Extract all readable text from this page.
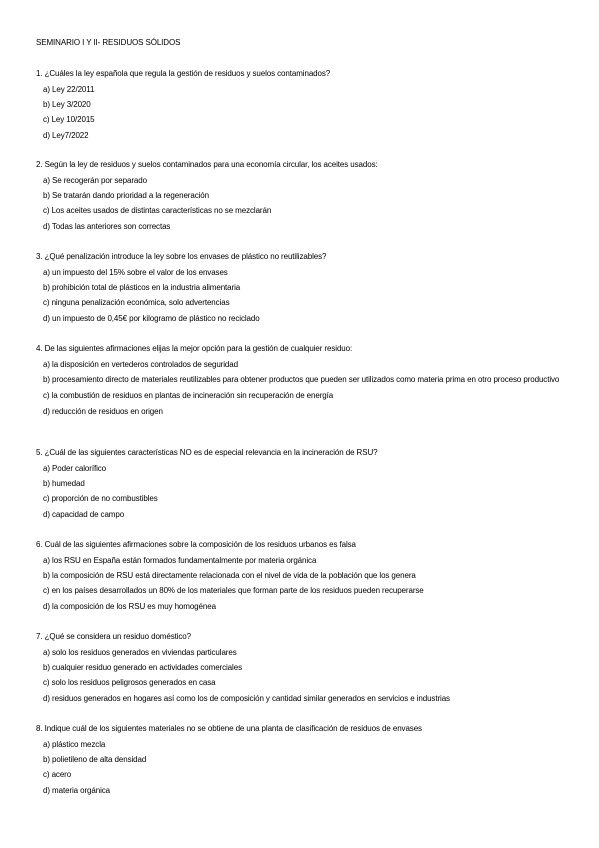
SEMINARIO I Y II- RESIDUOS SÓLIDOS

1. ¿Cuáles la ley española que regula la gestión de residuos y suelos contaminados?

a) Ley 22/2011
b) Ley 3/2020
c) Ley 10/2015
d) Ley7/2022

2. Según la ley de residuos y suelos contaminados para una economía circular, los aceites usados:

a) Se recogerán por separado
b) Se tratarán dando prioridad a la regeneración
c) Los aceites usados de distintas características no se mezclarán
d) Todas las anteriores son correctas

3. ¿Qué penalización introduce la ley sobre los envases de plástico no reutilizables?

a) un impuesto del 15% sobre el valor de los envases
b) prohibición total de plásticos en la industria alimentaria
c) ninguna penalización económica, solo advertencias
d) un impuesto de 0,45€ por kilogramo de plástico no reciclado

4. De las siguientes afirmaciones elijas la mejor opción para la gestión de cualquier residuo:

a) la disposición en vertederos controlados de seguridad
b) procesamiento directo de materiales reutilizables para obtener productos que pueden ser utilizados como materia prima en otro proceso productivo
c) la combustión de residuos en plantas de incineración sin recuperación de energía
d) reducción de residuos en origen

5. ¿Cuál de las siguientes características NO es de especial relevancia en la incineración de RSU?

a) Poder calorífico
b) humedad
c) proporción de no combustibles
d) capacidad de campo

6. Cuál de las siguientes afirmaciones sobre la composición de los residuos urbanos es falsa

a) los RSU en España están formados fundamentalmente por materia orgánica
b) la composición de RSU está directamente relacionada con el nivel de vida de la población que los genera
c) en los países desarrollados un 80% de los materiales que forman parte de los residuos pueden recuperarse
d) la composición de los RSU es muy homogénea

7. ¿Qué se considera un residuo doméstico?

a) solo los residuos generados en viviendas particulares
b) cualquier residuo generado en actividades comerciales
c) solo los residuos peligrosos generados en casa
d) residuos generados en hogares así como los de composición y cantidad similar generados en servicios e industrias

8. Indique cuál de los siguientes materiales no se obtiene de una planta de clasificación de residuos de envases

a) plástico mezcla
b) polietileno de alta densidad
c) acero
d) materia orgánica
